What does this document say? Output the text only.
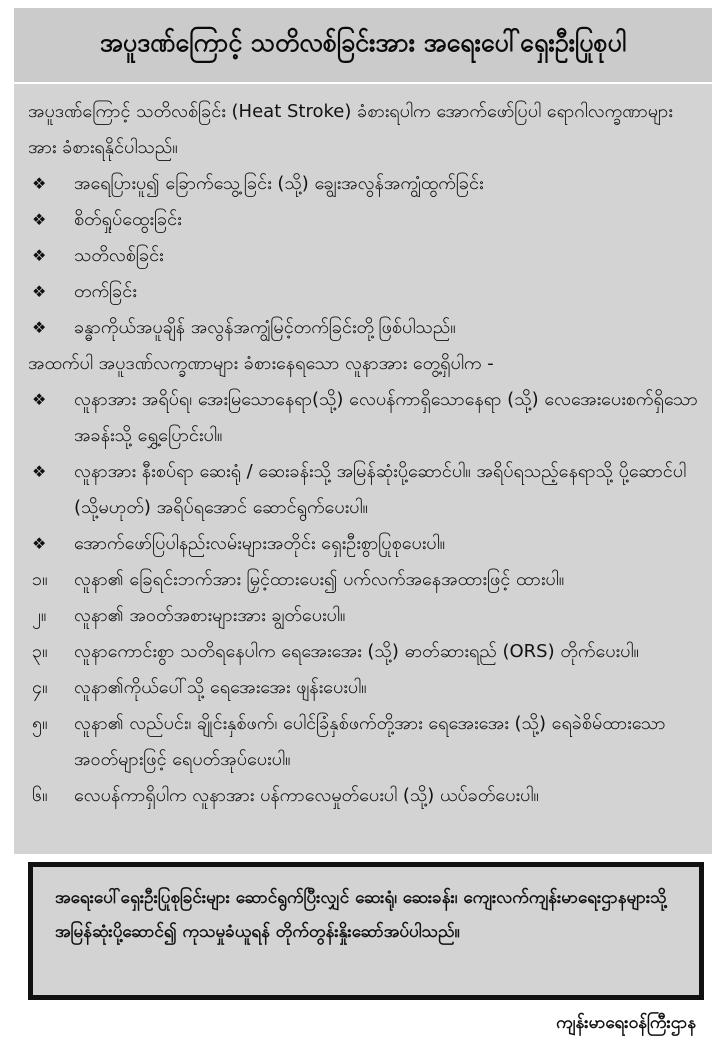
အပူဒဏ်ကြောင့် သတိလစ်ခြင်းအား အရေးပေါ်ရှေးဦးပြုစုပါ

အပူဒဏ်ကြောင့် သတိလစ်ခြင်း (Heat Stroke) ခံစားရပါက အောက်ဖော်ပြပါ ရောဂါလက္ခဏာများအား ခံစားရနိုင်ပါသည်။

❖	အရေပြားပူ၍ ခြောက်သွေ့ခြင်း (သို့) ချွေးအလွန်အကျွံထွက်ခြင်း
❖	စိတ်ရှုပ်ထွေးခြင်း
❖	သတိလစ်ခြင်း
❖	တက်ခြင်း
❖	ခန္ဓာကိုယ်အပူချိန် အလွန်အကျွံမြင့်တက်ခြင်းတို့ဖြစ်ပါသည်။

အထက်ပါ အပူဒဏ်လက္ခဏာများ ခံစားနေရသော လူနာအား တွေ့ရှိပါက -

❖	လူနာအား အရိပ်ရ၊ အေးမြသောနေရာ(သို့) လေပန်ကာရှိသောနေရာ (သို့) လေအေးပေးစက်ရှိသောအခန်းသို့ ရွှေ့ပြောင်းပါ။
❖	လူနာအား နီးစပ်ရာ ဆေးရုံ / ဆေးခန်းသို့ အမြန်ဆုံးပို့ဆောင်ပါ။ အရိပ်ရသည့်နေရာသို့ ပို့ဆောင်ပါ (သို့မဟုတ်) အရိပ်ရအောင် ဆောင်ရွက်ပေးပါ။
❖	အောက်ဖော်ပြပါနည်းလမ်းများအတိုင်း ရှေးဦးစွာပြုစုပေးပါ။
၁။	လူနာ၏ ခြေရင်းဘက်အား မြှင့်ထားပေး၍ ပက်လက်အနေအထားဖြင့် ထားပါ။
၂။	လူနာ၏ အဝတ်အစားများအား ချွတ်ပေးပါ။
၃။	လူနာကောင်းစွာ သတိရနေပါက ရေအေးအေး (သို့) ဓာတ်ဆားရည် (ORS) တိုက်ပေးပါ။
၄။	လူနာ၏ကိုယ်ပေါ်သို့ ရေအေးအေး ဖျန်းပေးပါ။
၅။	လူနာ၏ လည်ပင်း၊ ချိုင်းနှစ်ဖက်၊ ပေါင်ခြံနှစ်ဖက်တို့အား ရေအေးအေး (သို့) ရေခဲစိမ်ထားသော အဝတ်များဖြင့် ရေပတ်အုပ်ပေးပါ။
၆။	လေပန်ကာရှိပါက လူနာအား ပန်ကာလေမှုတ်ပေးပါ (သို့) ယပ်ခတ်ပေးပါ။
အရေးပေါ်ရှေးဦးပြုစုခြင်းများ ဆောင်ရွက်ပြီးလျှင် ဆေးရုံ၊ ဆေးခန်း၊ ကျေးလက်ကျန်းမာရေးဌာနများသို့ အမြန်ဆုံးပို့ဆောင်၍ ကုသမှုခံယူရန် တိုက်တွန်းနှိုးဆော်အပ်ပါသည်။
ကျန်းမာရေးဝန်ကြီးဌာန
